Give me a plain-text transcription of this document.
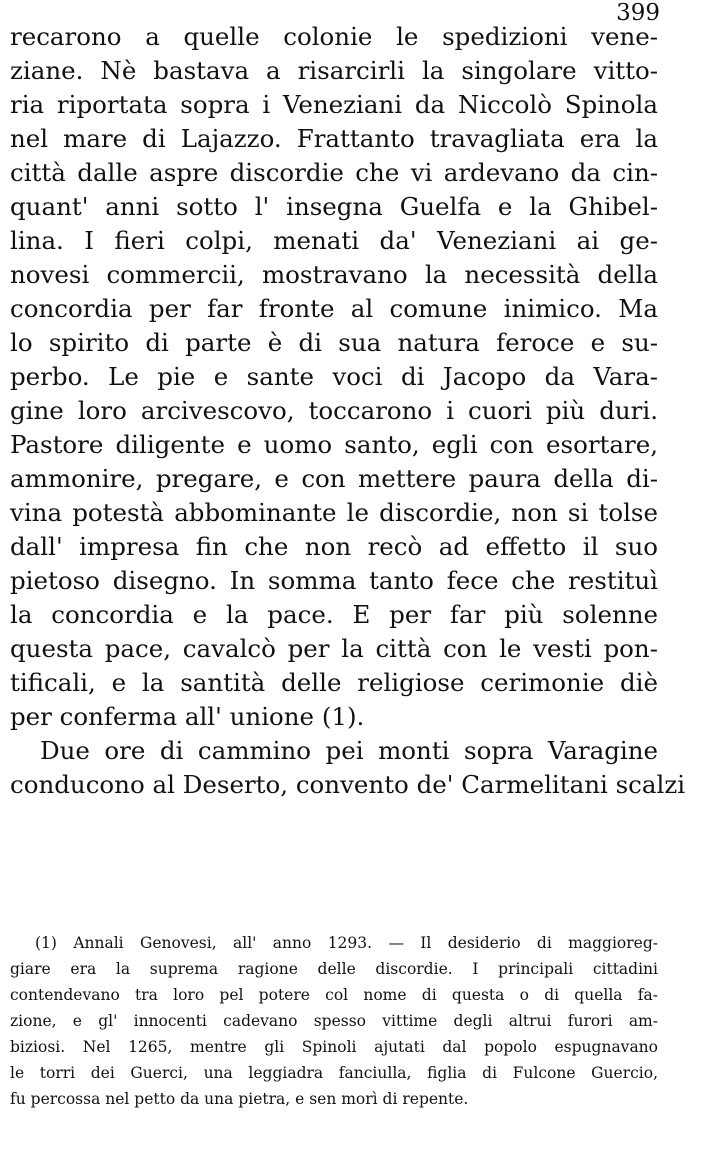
399
recarono a quelle colonie le spedizioni vene-
ziane. Nè bastava a risarcirli la singolare vitto-
ria riportata sopra i Veneziani da Niccolò Spinola
nel mare di Lajazzo. Frattanto travagliata era la
città dalle aspre discordie che vi ardevano da cin-
quant' anni sotto l' insegna Guelfa e la Ghibel-
lina. I fieri colpi, menati da' Veneziani ai ge-
novesi commercii, mostravano la necessità della
concordia per far fronte al comune inimico. Ma
lo spirito di parte è di sua natura feroce e su-
perbo. Le pie e sante voci di Jacopo da Vara-
gine loro arcivescovo, toccarono i cuori più duri.
Pastore diligente e uomo santo, egli con esortare,
ammonire, pregare, e con mettere paura della di-
vina potestà abbominante le discordie, non si tolse
dall' impresa fin che non recò ad effetto il suo
pietoso disegno. In somma tanto fece che restituì
la concordia e la pace. E per far più solenne
questa pace, cavalcò per la città con le vesti pon-
tificali, e la santità delle religiose cerimonie diè
per conferma all' unione (1).
Due ore di cammino pei monti sopra Varagine
conducono al Deserto, convento de' Carmelitani scalzi
(1) Annali Genovesi, all' anno 1293. — Il desiderio di maggioreg-
giare era la suprema ragione delle discordie. I principali cittadini
contendevano tra loro pel potere col nome di questa o di quella fa-
zione, e gl' innocenti cadevano spesso vittime degli altrui furori am-
biziosi. Nel 1265, mentre gli Spinoli ajutati dal popolo espugnavano
le torri dei Guerci, una leggiadra fanciulla, figlia di Fulcone Guercio,
fu percossa nel petto da una pietra, e sen morì di repente.
